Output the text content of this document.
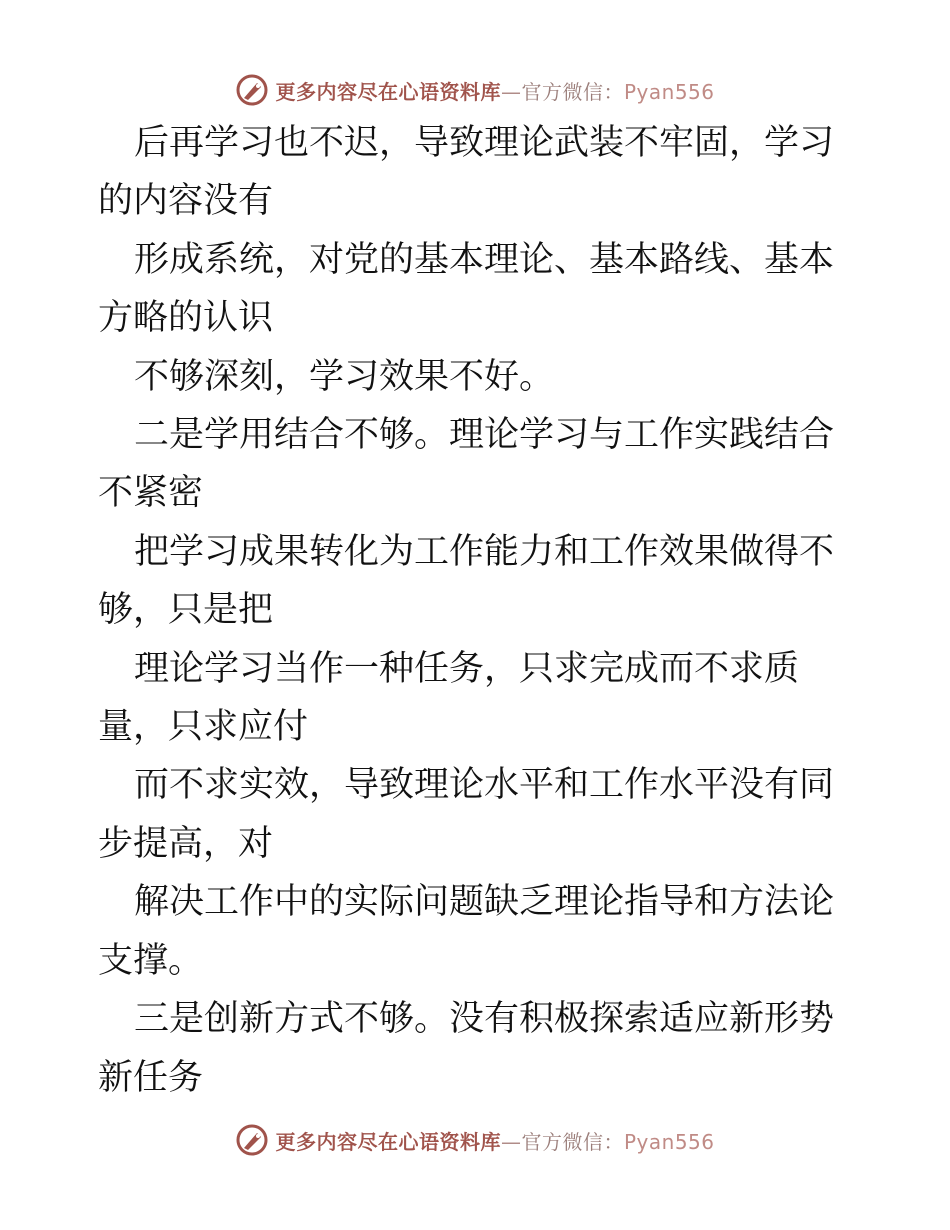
更多内容尽在心语资料库—官方微信：Pyan556

后再学习也不迟，导致理论武装不牢固，学习的内容没有

形成系统，对党的基本理论、基本路线、基本方略的认识

不够深刻，学习效果不好。

二是学用结合不够。理论学习与工作实践结合不紧密

把学习成果转化为工作能力和工作效果做得不够，只是把

理论学习当作一种任务，只求完成而不求质量，只求应付

而不求实效，导致理论水平和工作水平没有同步提高，对

解决工作中的实际问题缺乏理论指导和方法论支撑。

三是创新方式不够。没有积极探索适应新形势新任务

更多内容尽在心语资料库—官方微信：Pyan556
